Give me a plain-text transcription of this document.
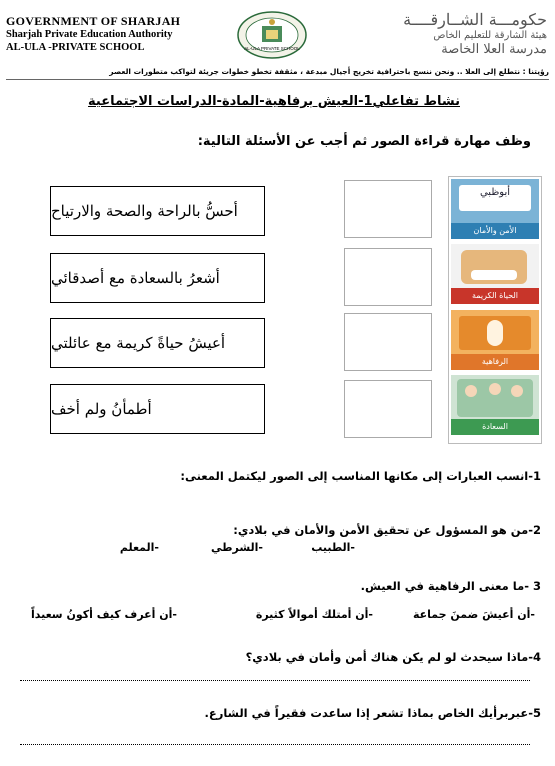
GOVERNMENT OF SHARJAH
Sharjah Private Education Authority
AL-ULA -PRIVATE SCHOOL	AL-ULA PRIVATE SCHOOL
حكومـــة الشــارقــــة
هيئة الشارقة للتعليم الخاص
مدرسة العلا الخاصة
رؤيتنا : نتطلع إلى العلا .. ونحن ننسج باحترافية تخريج أجيال مبدعة ، مثقفة تخطو خطوات جريئة لتواكب متطورات العصر
نشاط تفاعلي1-العيش برفاهية-المادة-الدراسات الاجتماعية
وظف مهارة قراءة الصور ثم أجب عن الأسئلة التالية:
أحسُّ بالراحة والصحة والارتياح
أشعرُ بالسعادة مع أصدقائي
أعيشُ حياةً كريمة مع عائلتي
أطمأنُ ولم أخف
أبوظبي
الأمن والأمان
الحياة الكريمة
الرفاهية
السعادة
1-انسب العبارات إلى مكانها المناسب إلى الصور ليكتمل المعنى:
2-من هو المسؤول عن تحقيق الأمن والأمان في بلادي:
-الطبيب
-الشرطي
-المعلم
3 -ما معنى الرفاهية في العيش.
-أن أعيشَ ضمنَ جماعة
-أن أمتلك أموالاً كثيرة
-أن أعرف كيف أكونُ سعيداً
4-ماذا سيحدث لو لم يكن هناك أمن وأمان في بلادي؟
5-عبربرأيك الخاص بماذا تشعر إذا ساعدت فقيراً في الشارع.
